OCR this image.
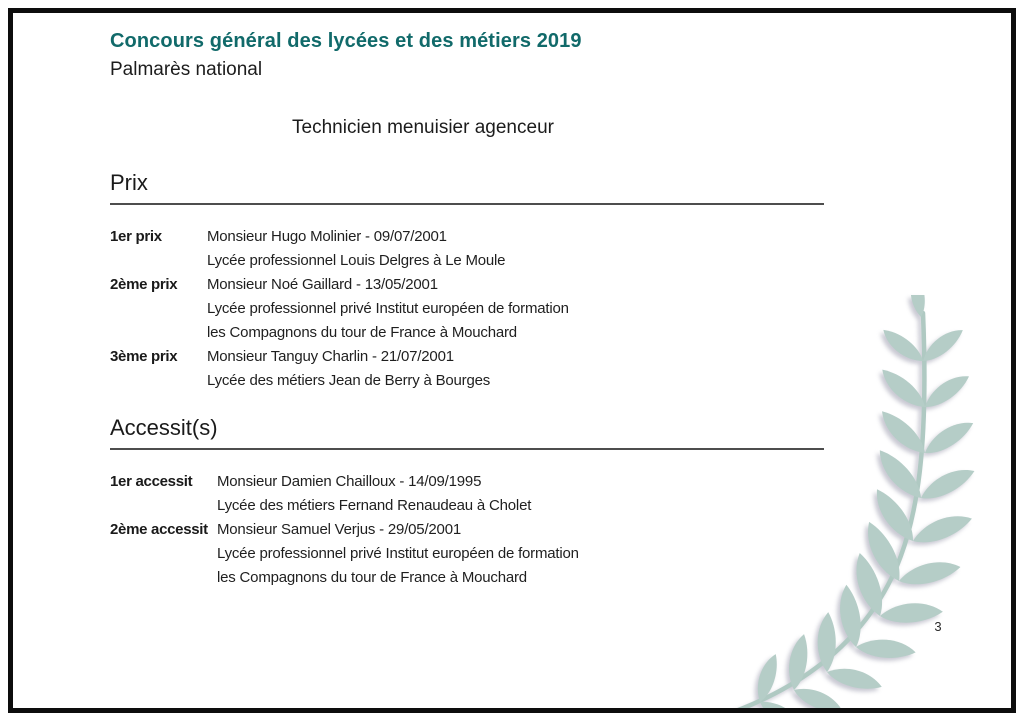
Concours général des lycées et des métiers 2019
Palmarès national
Technicien menuisier agenceur
Prix
1er prix	Monsieur Hugo Molinier - 09/07/2001
Lycée professionnel Louis Delgres à Le Moule
2ème prix	Monsieur Noé Gaillard - 13/05/2001
Lycée professionnel privé Institut européen de formation
les Compagnons du tour de France à Mouchard
3ème prix	Monsieur Tanguy Charlin - 21/07/2001
Lycée des métiers Jean de Berry à Bourges
Accessit(s)
1er accessit	Monsieur Damien Chailloux - 14/09/1995
Lycée des métiers Fernand Renaudeau à Cholet
2ème accessit Monsieur Samuel Verjus - 29/05/2001
Lycée professionnel privé Institut européen de formation
les Compagnons du tour de France à Mouchard
3
